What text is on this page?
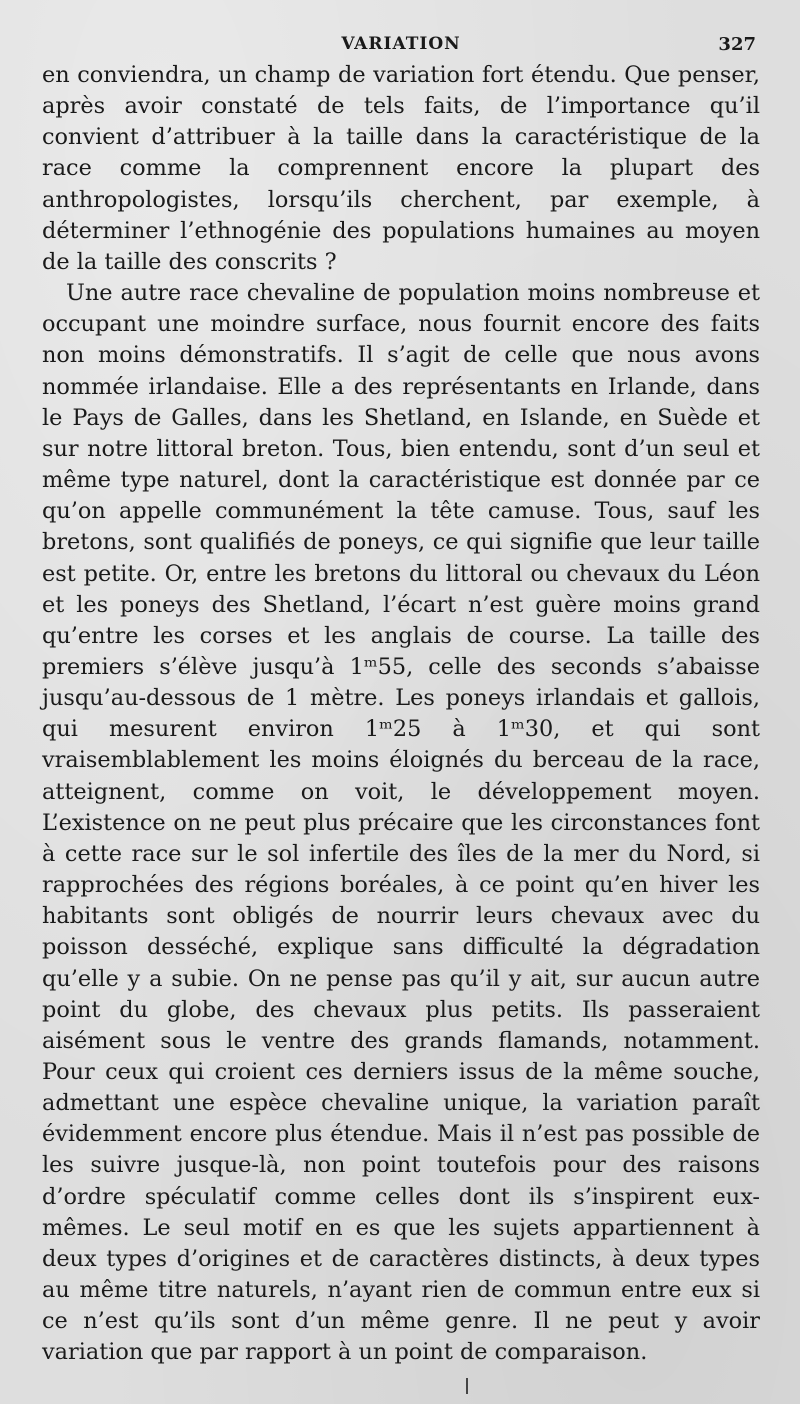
VARIATION	327

en conviendra, un champ de variation fort étendu. Que penser, après avoir constaté de tels faits, de l’importance qu’il convient d’attribuer à la taille dans la caractéristique de la race comme la comprennent encore la plupart des anthropologistes, lorsqu’ils cherchent, par exemple, à déterminer l’ethnogénie des populations humaines au moyen de la taille des conscrits ?

Une autre race chevaline de population moins nombreuse et occupant une moindre surface, nous fournit encore des faits non moins démonstratifs. Il s’agit de celle que nous avons nommée irlandaise. Elle a des représentants en Irlande, dans le Pays de Galles, dans les Shetland, en Islande, en Suède et sur notre littoral breton. Tous, bien entendu, sont d’un seul et même type naturel, dont la caractéristique est donnée par ce qu’on appelle communément la tête camuse. Tous, sauf les bretons, sont qualifiés de poneys, ce qui signifie que leur taille est petite. Or, entre les bretons du littoral ou chevaux du Léon et les poneys des Shetland, l’écart n’est guère moins grand qu’entre les corses et les anglais de course. La taille des premiers s’élève jusqu’à 1ᵐ55, celle des seconds s’abaisse jusqu’au-dessous de 1 mètre. Les poneys irlandais et gallois, qui mesurent environ 1ᵐ25 à 1ᵐ30, et qui sont vraisemblablement les moins éloignés du berceau de la race, atteignent, comme on voit, le développement moyen. L’existence on ne peut plus précaire que les circonstances font à cette race sur le sol infertile des îles de la mer du Nord, si rapprochées des régions boréales, à ce point qu’en hiver les habitants sont obligés de nourrir leurs chevaux avec du poisson desséché, explique sans difficulté la dégradation qu’elle y a subie. On ne pense pas qu’il y ait, sur aucun autre point du globe, des chevaux plus petits. Ils passeraient aisément sous le ventre des grands flamands, notamment. Pour ceux qui croient ces derniers issus de la même souche, admettant une espèce chevaline unique, la variation paraît évidemment encore plus étendue. Mais il n’est pas possible de les suivre jusque-là, non point toutefois pour des raisons d’ordre spéculatif comme celles dont ils s’inspirent eux-mêmes. Le seul motif en es que les sujets appartiennent à deux types d’origines et de caractères distincts, à deux types au même titre naturels, n’ayant rien de commun entre eux si ce n’est qu’ils sont d’un même genre. Il ne peut y avoir variation que par rapport à un point de comparaison.
